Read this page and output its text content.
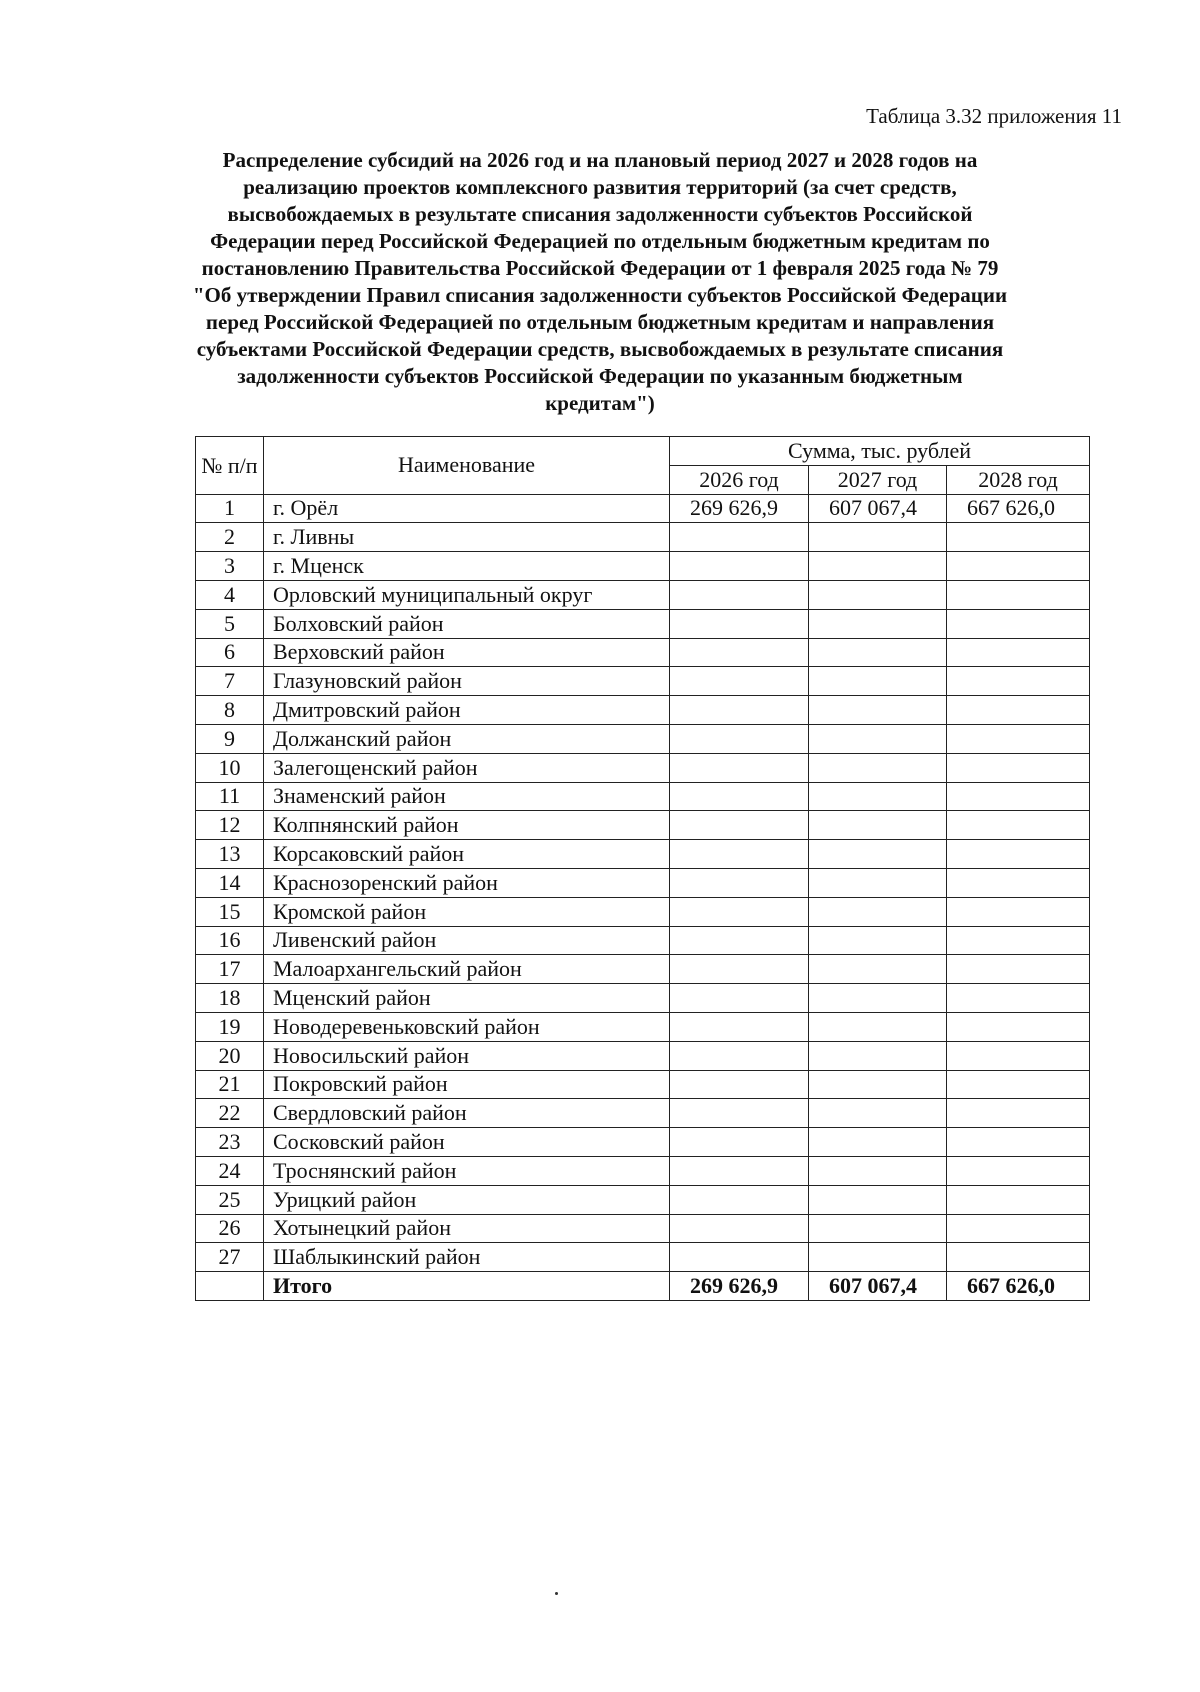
Таблица 3.32 приложения 11
Распределение субсидий на 2026 год и на плановый период 2027 и 2028 годов на
реализацию проектов комплексного развития территорий (за счет средств,
высвобождаемых в результате списания задолженности субъектов Российской
Федерации перед Российской Федерацией по отдельным бюджетным кредитам по
постановлению Правительства Российской Федерации от 1 февраля 2025 года № 79
"Об утверждении Правил списания задолженности субъектов Российской Федерации
перед Российской Федерацией по отдельным бюджетным кредитам и направления
субъектами Российской Федерации средств, высвобождаемых в результате списания
задолженности субъектов Российской Федерации по указанным бюджетным
кредитам")
№ п/п	Наименование	Сумма, тыс. рублей		
		2026 год	2027 год	2028 год
1	г. Орёл	269 626,9	607 067,4	667 626,0
2	г. Ливны			
3	г. Мценск			
4	Орловский муниципальный округ			
5	Болховский район			
6	Верховский район			
7	Глазуновский район			
8	Дмитровский район			
9	Должанский район			
10	Залегощенский район			
11	Знаменский район			
12	Колпнянский район			
13	Корсаковский район			
14	Краснозоренский район			
15	Кромской район			
16	Ливенский район			
17	Малоархангельский район			
18	Мценский район			
19	Новодеревеньковский район			
20	Новосильский район			
21	Покровский район			
22	Свердловский район			
23	Сосковский район			
24	Троснянский район			
25	Урицкий район			
26	Хотынецкий район			
27	Шаблыкинский район			
	Итого	269 626,9	607 067,4	667 626,0
